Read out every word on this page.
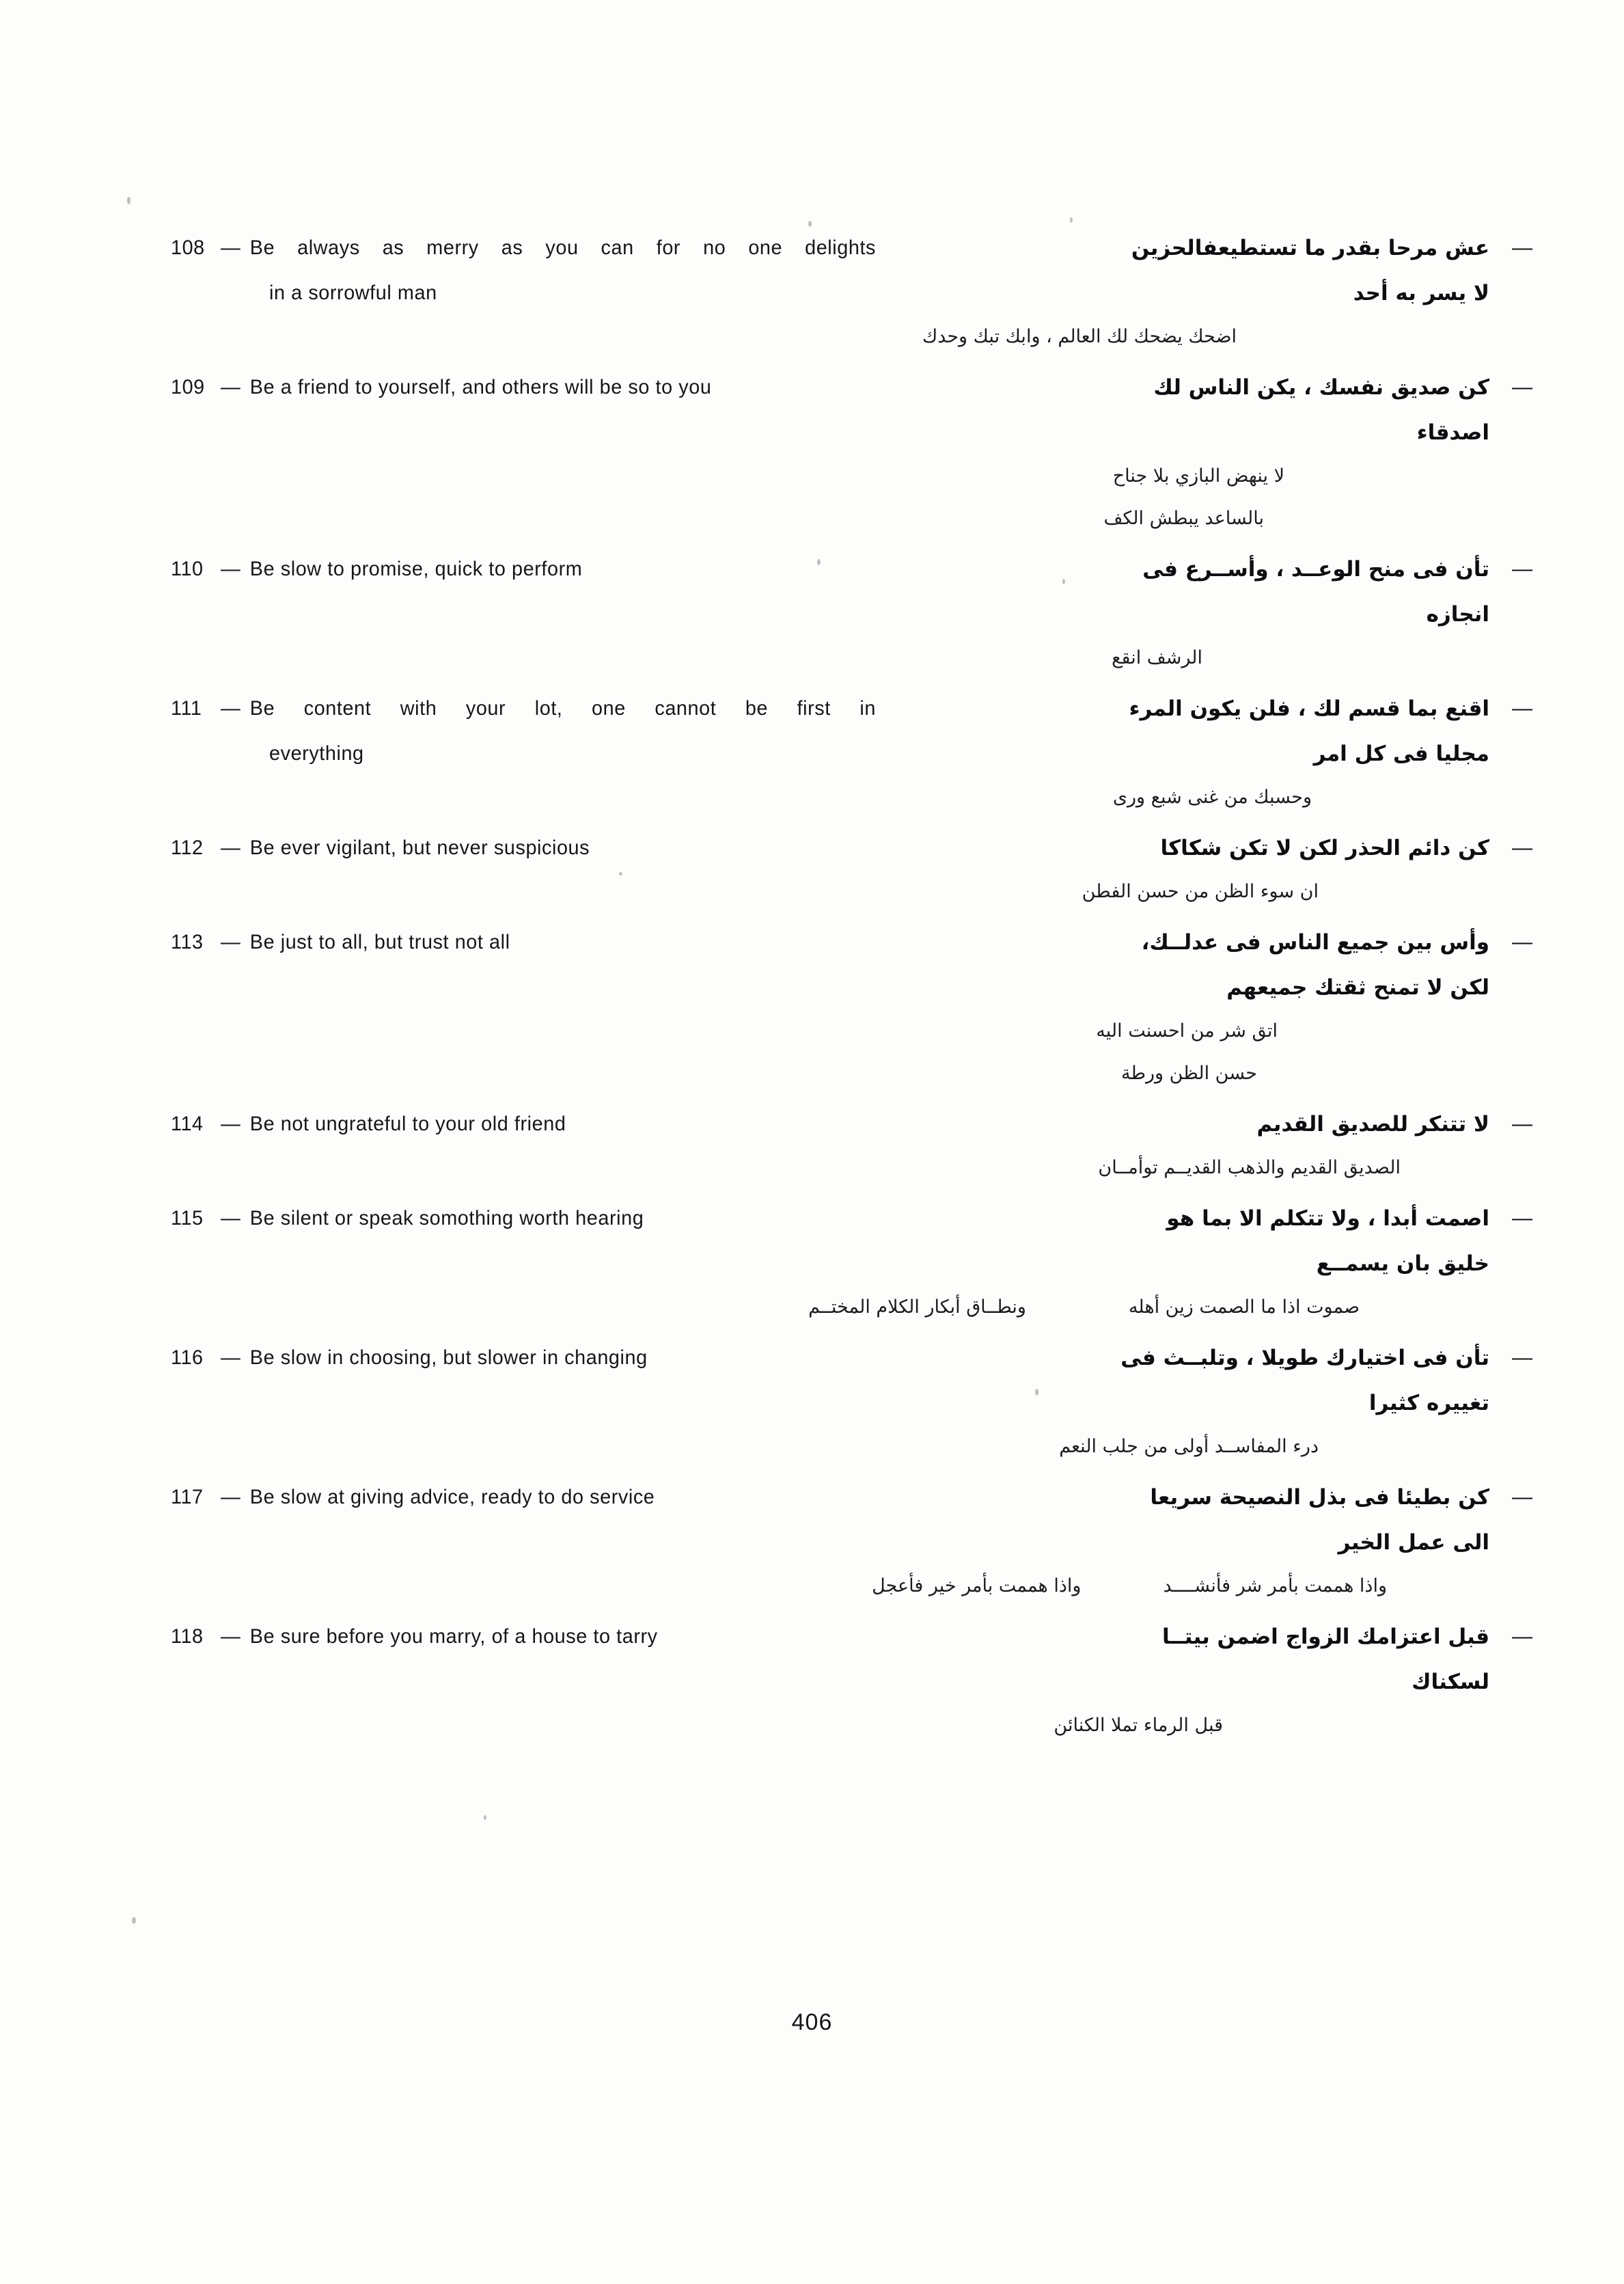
108 — Be always as merry as you can for no one delights
in a sorrowful man
—
عش مرحا بقدر ما تستطيعفالحزين
لا يسر به أحد
اضحك يضحك لك العالم ، وابك تبك وحدك
109 — Be a friend to yourself, and others will be so to you	—
كن صديق نفسك ، يكن الناس لك
اصدقاء
لا ينهض البازي بلا جناح
بالساعد يبطش الكف
110 — Be slow to promise, quick to perform	—
تأن فى منح الوعــد ، وأســرع فى
انجازه
الرشف انقع
111 — Be content with your lot, one cannot be first in
everything
—
اقنع بما قسم لك ، فلن يكون المرء
مجليا فى كل امر
وحسبك من غنى شبع ورى
112 — Be ever vigilant, but never suspicious	—
كن دائم الحذر لكن لا تكن شكاكا
ان سوء الظن من حسن الفطن
113 — Be just to all, but trust not all	—
وأس بين جميع الناس فى عدلــك،
لكن لا تمنح ثقتك جميعهم
اتق شر من احسنت اليه
حسن الظن ورطة
114 — Be not ungrateful to your old friend	—
لا تتنكر للصديق القديم
الصديق القديم والذهب القديــم توأمــان
115 — Be silent or speak somothing worth hearing	—
اصمت أبدا ، ولا تتكلم الا بما هو
خليق بان يسمــع
صموت اذا ما الصمت زين أهله
ونطــاق أبكار الكلام المختــم
116 — Be slow in choosing, but slower in changing	—
تأن فى اختيارك طويلا ، وتلبــث فى
تغييره كثيرا
درء المفاســد أولى من جلب النعم
117 — Be slow at giving advice, ready to do service	—
كن بطيئا فى بذل النصيحة سريعا
الى عمل الخير
واذا هممت بأمر شر فأنشــــد
واذا هممت بأمر خير فأعجل
118 — Be sure before you marry, of a house to tarry	—
قبل اعتزامك الزواج اضمن بيتــا
لسكناك
قبل الرماء تملا الكنائن
406
